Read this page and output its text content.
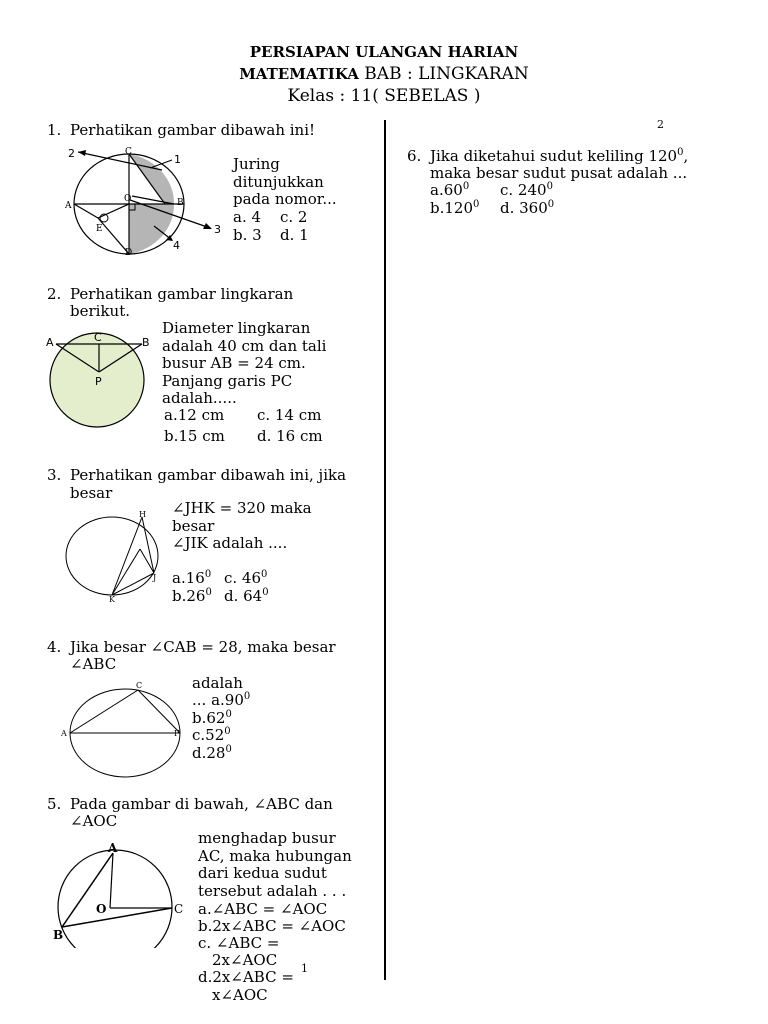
PERSIAPAN ULANGAN HARIAN
MATEMATIKA BAB : LINGKARAN
Kelas : 11( SEBELAS )
2
1
1. Perhatikan gambar dibawah ini!
2	C
1
A
O	B
E
D
3
4
Juring
ditunjukkan
pada nomor...
a. 4 c. 2
b. 3 d. 1
2. Perhatikan gambar lingkaran
berikut.
A	C	B
P
Diameter lingkaran
adalah 40 cm dan tali
busur AB = 24 cm.
Panjang garis PC
adalah.....
a.12 cm c. 14 cm
b.15 cm d. 16 cm
3. Perhatikan gambar dibawah ini, jika
besar
H
J
K
∠JHK = 320 maka
besar
∠JIK adalah ....
$a.16^0$ c. $46^0$
$b.26^0$ d. $64^0$
4. Jika besar ∠CAB = 28, maka besar
∠ABC
C
A	F
adalah
... $a.90^0$
$b.62^0$
$c.52^0$
$d.28^0$
5. Pada gambar di bawah, ∠ABC dan
∠AOC
A
O	C
B
menghadap busur
AC, maka hubungan
dari kedua sudut
tersebut adalah . . .
a.∠ABC = ∠AOC
b.2x∠ABC = ∠AOC
c. ∠ABC =
2x∠AOC
d.2x∠ABC =
x∠AOC
6. Jika diketahui sudut keliling $120^0$,
maka besar sudut pusat adalah ...
$a.60^0$ c. $240^0$
b.120$^0$ d. $360^0$
